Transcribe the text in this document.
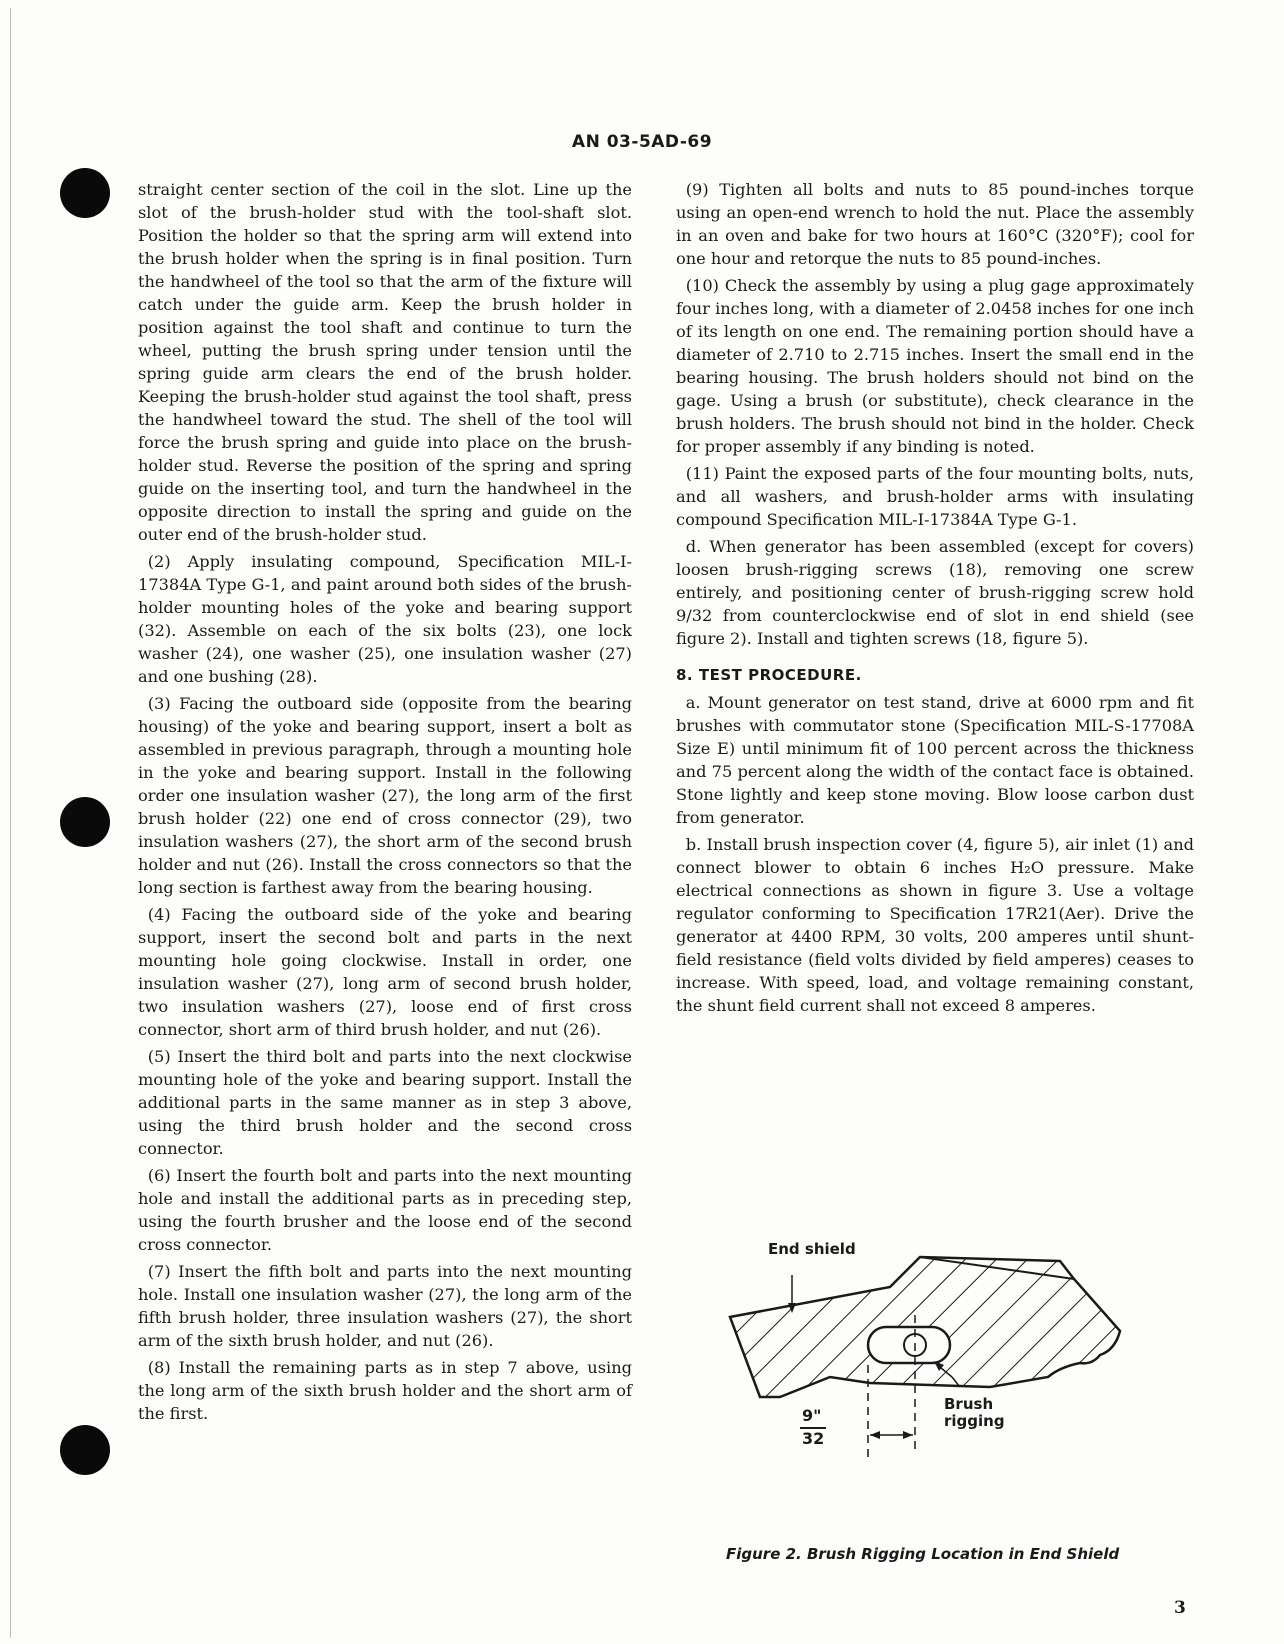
AN 03-5AD-69

straight center section of the coil in the slot. Line up the slot of the brush-holder stud with the tool-shaft slot. Position the holder so that the spring arm will extend into the brush holder when the spring is in final position. Turn the handwheel of the tool so that the arm of the fixture will catch under the guide arm. Keep the brush holder in position against the tool shaft and continue to turn the wheel, putting the brush spring under tension until the spring guide arm clears the end of the brush holder. Keeping the brush-holder stud against the tool shaft, press the handwheel toward the stud. The shell of the tool will force the brush spring and guide into place on the brush-holder stud. Reverse the position of the spring and spring guide on the inserting tool, and turn the handwheel in the opposite direction to install the spring and guide on the outer end of the brush-holder stud.

(2) Apply insulating compound, Specification MIL-I-17384A Type G-1, and paint around both sides of the brush-holder mounting holes of the yoke and bearing support (32). Assemble on each of the six bolts (23), one lock washer (24), one washer (25), one insulation washer (27) and one bushing (28).

(3) Facing the outboard side (opposite from the bearing housing) of the yoke and bearing support, insert a bolt as assembled in previous paragraph, through a mounting hole in the yoke and bearing support. Install in the following order one insulation washer (27), the long arm of the first brush holder (22) one end of cross connector (29), two insulation washers (27), the short arm of the second brush holder and nut (26). Install the cross connectors so that the long section is farthest away from the bearing housing.

(4) Facing the outboard side of the yoke and bearing support, insert the second bolt and parts in the next mounting hole going clockwise. Install in order, one insulation washer (27), long arm of second brush holder, two insulation washers (27), loose end of first cross connector, short arm of third brush holder, and nut (26).

(5) Insert the third bolt and parts into the next clockwise mounting hole of the yoke and bearing support. Install the additional parts in the same manner as in step 3 above, using the third brush holder and the second cross connector.

(6) Insert the fourth bolt and parts into the next mounting hole and install the additional parts as in preceding step, using the fourth brusher and the loose end of the second cross connector.

(7) Insert the fifth bolt and parts into the next mounting hole. Install one insulation washer (27), the long arm of the fifth brush holder, three insulation washers (27), the short arm of the sixth brush holder, and nut (26).

(8) Install the remaining parts as in step 7 above, using the long arm of the sixth brush holder and the short arm of the first.

(9) Tighten all bolts and nuts to 85 pound-inches torque using an open-end wrench to hold the nut. Place the assembly in an oven and bake for two hours at 160°C (320°F); cool for one hour and retorque the nuts to 85 pound-inches.

(10) Check the assembly by using a plug gage approximately four inches long, with a diameter of 2.0458 inches for one inch of its length on one end. The remaining portion should have a diameter of 2.710 to 2.715 inches. Insert the small end in the bearing housing. The brush holders should not bind on the gage. Using a brush (or substitute), check clearance in the brush holders. The brush should not bind in the holder. Check for proper assembly if any binding is noted.

(11) Paint the exposed parts of the four mounting bolts, nuts, and all washers, and brush-holder arms with insulating compound Specification MIL-I-17384A Type G-1.

d. When generator has been assembled (except for covers) loosen brush-rigging screws (18), removing one screw entirely, and positioning center of brush-rigging screw hold 9/32 from counterclockwise end of slot in end shield (see figure 2). Install and tighten screws (18, figure 5).

8. TEST PROCEDURE.

a. Mount generator on test stand, drive at 6000 rpm and fit brushes with commutator stone (Specification MIL-S-17708A Size E) until minimum fit of 100 percent across the thickness and 75 percent along the width of the contact face is obtained. Stone lightly and keep stone moving. Blow loose carbon dust from generator.

b. Install brush inspection cover (4, figure 5), air inlet (1) and connect blower to obtain 6 inches H₂O pressure. Make electrical connections as shown in figure 3. Use a voltage regulator conforming to Specification 17R21(Aer). Drive the generator at 4400 RPM, 30 volts, 200 amperes until shunt-field resistance (field volts divided by field amperes) ceases to increase. With speed, load, and voltage remaining constant, the shunt field current shall not exceed 8 amperes.

End shield
Brush
rigging
9"
32
Figure 2. Brush Rigging Location in End Shield
3
